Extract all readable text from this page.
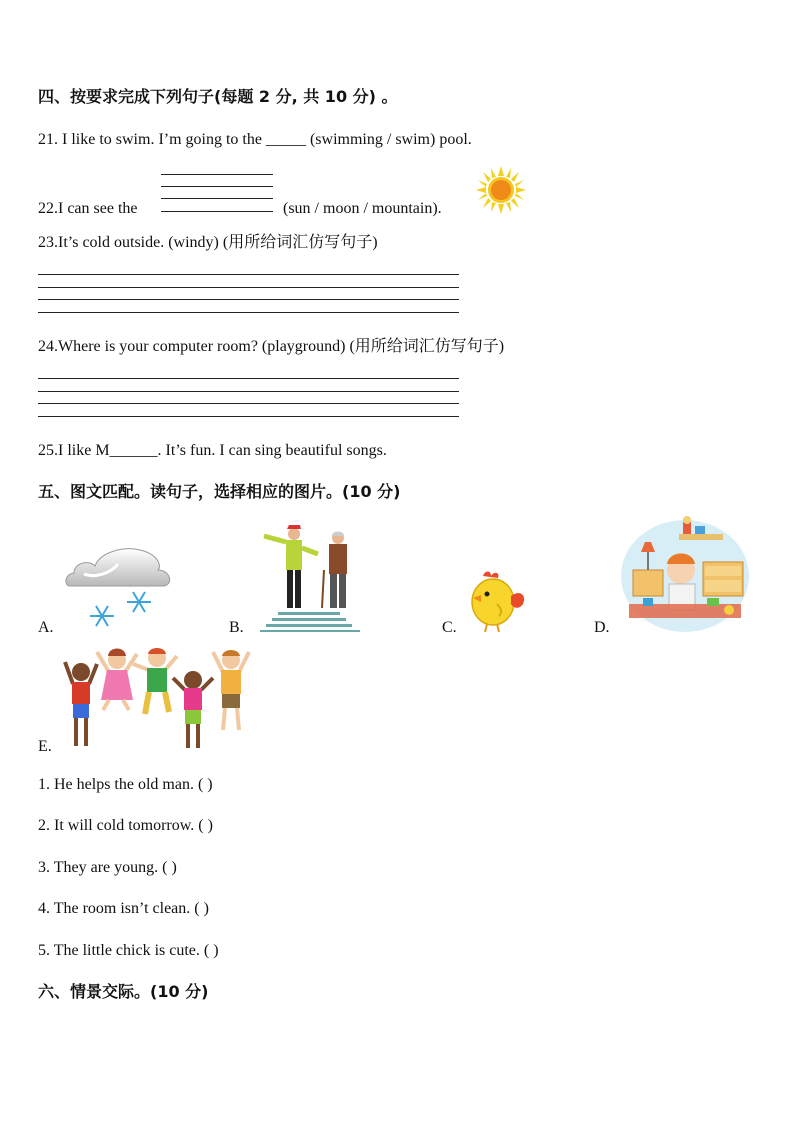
四、按要求完成下列句子(每题 2 分, 共 10 分) 。
21. I like to swim. I’m going to the _____ (swimming / swim) pool.
22.I can see the	(sun / moon / mountain).
23.It’s cold outside. (windy) (用所给词汇仿写句子)
24.Where is your computer room? (playground) (用所给词汇仿写句子)
25.I like M______. It’s fun. I can sing beautiful songs.
五、图文匹配。读句子，选择相应的图片。(10 分)
A.	B.	C.	D.
E.
1. He helps the old man. ( )
2. It will cold tomorrow. ( )
3. They are young. ( )
4. The room isn’t clean. ( )
5. The little chick is cute. ( )
六、情景交际。(10 分)
